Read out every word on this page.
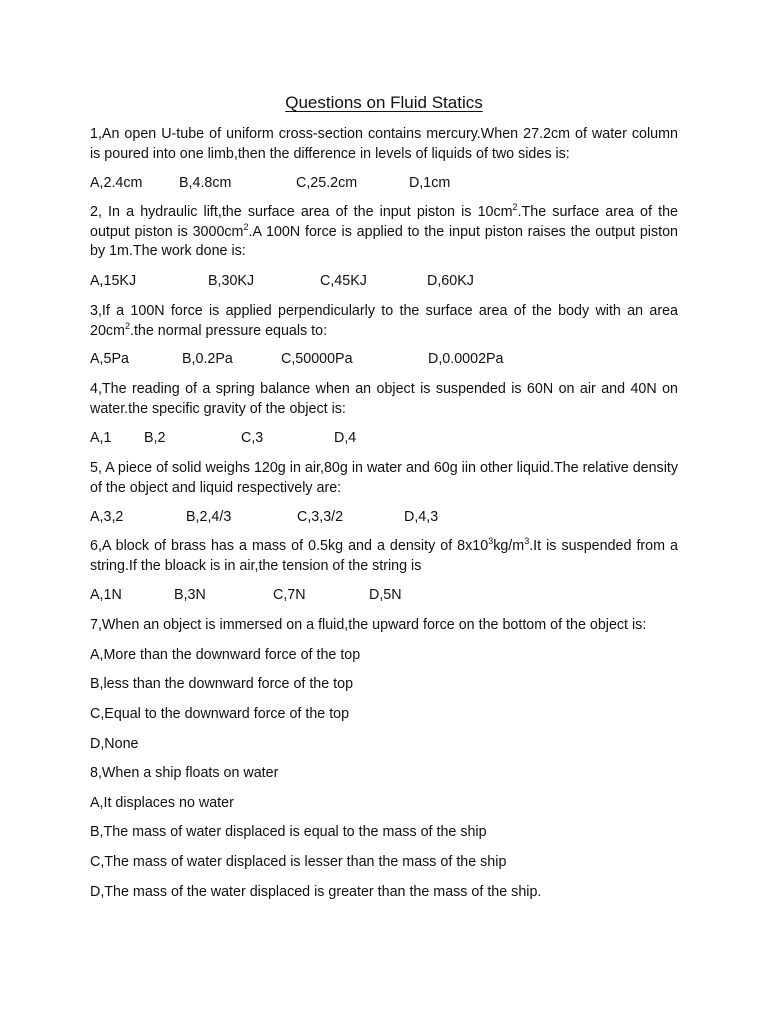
Questions on Fluid Statics

1,An open U-tube of uniform cross-section contains mercury.When 27.2cm of water column is poured into one limb,then the difference in levels of liquids of two sides is:

A,2.4cm	B,4.8cm	C,25.2cm	D,1cm

2, In a hydraulic lift,the surface area of the input piston is $10cm^2.The$ surface area of the output piston is $3000cm^2.A$ 100N force is applied to the input piston raises the output piston by 1m.The work done is:

A,15KJ	B,30KJ	C,45KJ	D,60KJ

3,If a 100N force is applied perpendicularly to the surface area of the body with an area $20cm^2.the$ normal pressure equals to:

A,5Pa	B,0.2Pa	C,50000Pa	D,0.0002Pa

4,The reading of a spring balance when an object is suspended is 60N on air and 40N on water.the specific gravity of the object is:

A,1 B,2	C,3	D,4

5, A piece of solid weighs 120g in air,80g in water and 60g iin other liquid.The relative density of the object and liquid respectively are:

A,3,2	B,2,4/3	C,3,3/2	D,4,3

6,A block of brass has a mass of 0.5kg and a density of $8x10^3kg/m^3.It$ is suspended from a string.If the bloack is in air,the tension of the string is

A,1N	B,3N	C,7N	D,5N
7,When an object is immersed on a fluid,the upward force on the bottom of the object is:
A,More than the downward force of the top
B,less than the downward force of the top
C,Equal to the downward force of the top
D,None
8,When a ship floats on water
A,It displaces no water
B,The mass of water displaced is equal to the mass of the ship
C,The mass of water displaced is lesser than the mass of the ship
D,The mass of the water displaced is greater than the mass of the ship.
